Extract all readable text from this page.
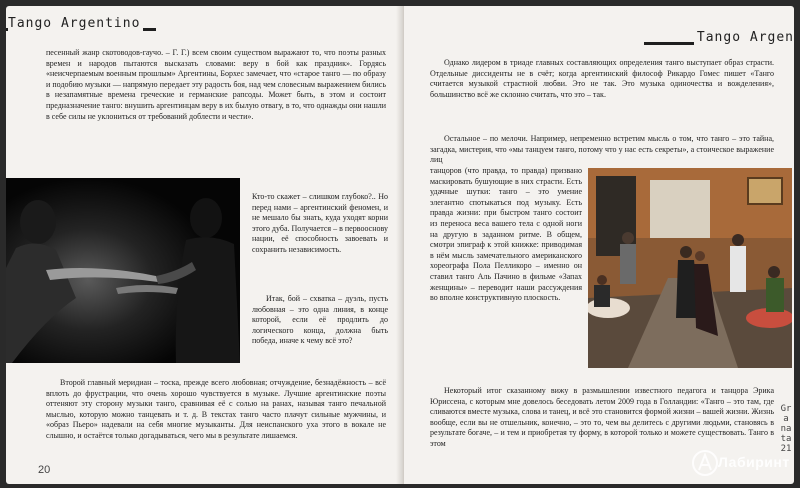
Tango Argentino
песенный жанр скотоводов-гаучо. – Г. Г.) всем своим существом выражают то, что поэты разных времен и народов пытаются высказать словами: веру в бой как праздник». Гордясь «неисчерпаемым военным прошлым» Аргентины, Борхес замечает, что «старое танго — по образу и подобию музыки — напрямую передает эту радость боя, над чем словесным выражением бились в незапамятные времена греческие и германские рапсоды. Может быть, в этом и состоит предназначение танго: внушить аргентинцам веру в их былую отвагу, в то, что однажды они нашли в себе силы не уклониться от требований доблести и чести».
Кто-то скажет – слишком глубоко?.. Но перед нами – аргентинский феномен, и не мешало бы знать, куда уходят корни этого дуба. Получается – в первооснову нации, её способность завоевать и сохранить независимость.
Итак, бой – схватка – дуэль, пусть любовная – это одна линия, в конце которой, если её продлить до логического конца, должна быть победа, иначе к чему всё это?
Второй главный меридиан – тоска, прежде всего любовная; отчуждение, безнадёжность – всё вплоть до фрустрации, что очень хорошо чувствуется в музыке. Лучшие аргентинские поэты оттеняют эту сторону музыки танго, сравнивая её с солью на ранах, называя танго печальной мыслью, которую можно танцевать и т. д. В текстах танго часто плачут сильные мужчины, и «образ Пьеро» надевали на себя многие музыканты. Для неиспанского уха этого в вокале не слышно, и остаётся только догадываться, чего мы в результате лишаемся.
20
Tango Argen
Однако лидером в триаде главных составляющих определения танго выступает образ страсти. Отдельные диссиденты не в счёт; когда аргентинский философ Рикардо Гомес пишет «Танго считается музыкой страстной любви. Это не так. Это музыка одиночества и вожделения», большинство всё же склонно считать, что это – так.
Остальное – по мелочи. Например, непременно встретим мысль о том, что танго – это тайна, загадка, мистерия, что «мы танцуем танго, потому что у нас есть секреты», а стоическое выражение лиц
танцоров (что правда, то правда) призвано маскировать бушующие в них страсти. Есть удачные шутки: танго – это умение элегантно спотыкаться под музыку. Есть правда жизни: при быстром танго состоит из переноса веса вашего тела с одной ноги на другую в заданном ритме. В общем, смотри эпиграф к этой книжке: приводимая в нём мысль замечательного американского хореографа Пола Пелликоро – именно он ставил танго Аль Пачино в фильме «Запах женщины» – переводит наши рассуждения во вполне конструктивную плоскость.
Некоторый итог сказанному вижу в размышлении известного педагога и танцора Эрика Юриссена, с которым мне довелось беседовать летом 2009 года в Голландии: «Танго – это там, где сливаются вместе музыка, слова и танец, и всё это становится формой жизни – вашей жизни. Жизнь вообще, если вы не отшельник, конечно, – это то, чем вы делитесь с другими людьми, становясь в результате богаче, – и тем и приобретая ту форму, в которой только и можете существовать. Танго в этом
Gra nata 21
Лабиринт
